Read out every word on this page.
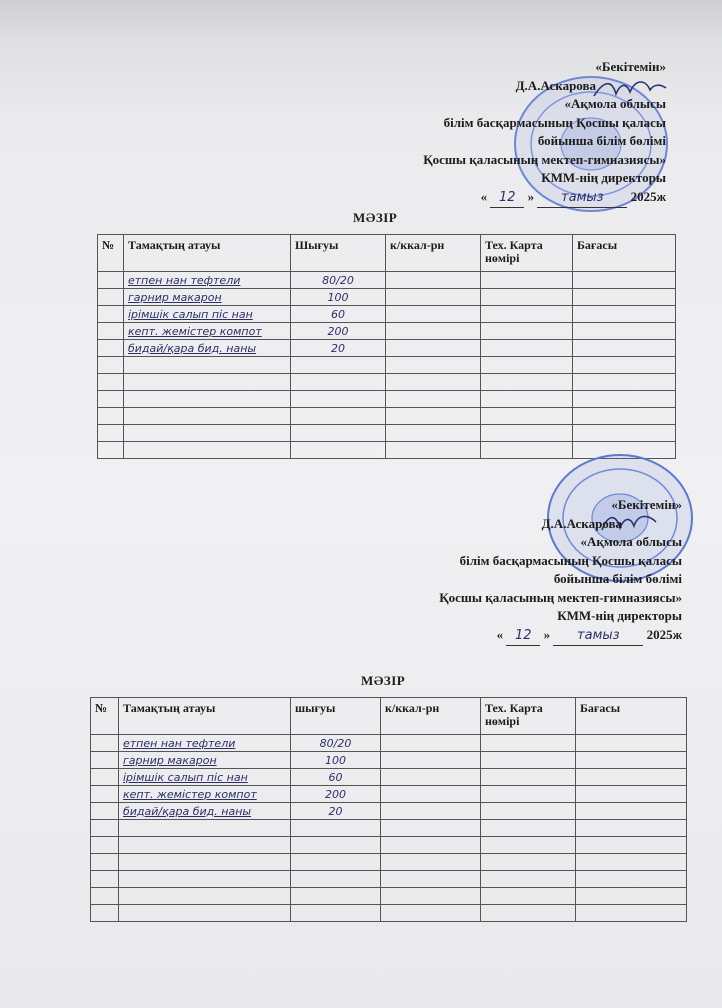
«Бекітемін»
Д.А.Аскарова
«Ақмола облысы
білім басқармасының Қосшы қаласы
бойынша білім бөлімі
Қосшы қаласының мектеп-гимназиясы»
КММ-нің директоры
« 12 » тамыз 2025ж
МӘЗІР
№	Тамақтың атауы	Шығуы	к/ккал-рн	Тех. Карта нөмірі	Бағасы
	етпен нан тефтели	80/20			
	гарнир макарон	100			
	ірімшік салып піс нан	60			
	кепт. жемістер компот	200			
	бидай/қара бид. наны	20			

«Бекітемін»
Д.А.Аскарова
«Ақмола облысы
білім басқармасының Қосшы қаласы
бойынша білім бөлімі
Қосшы қаласының мектеп-гимназиясы»
КММ-нің директоры
« 12 » тамыз 2025ж
МӘЗІР
№	Тамақтың атауы	шығуы	к/ккал-рн	Тех. Карта нөмірі	Бағасы
	етпен нан тефтели	80/20			
	гарнир макарон	100			
	ірімшік салып піс нан	60			
	кепт. жемістер компот	200			
	бидай/қара бид. наны	20			
